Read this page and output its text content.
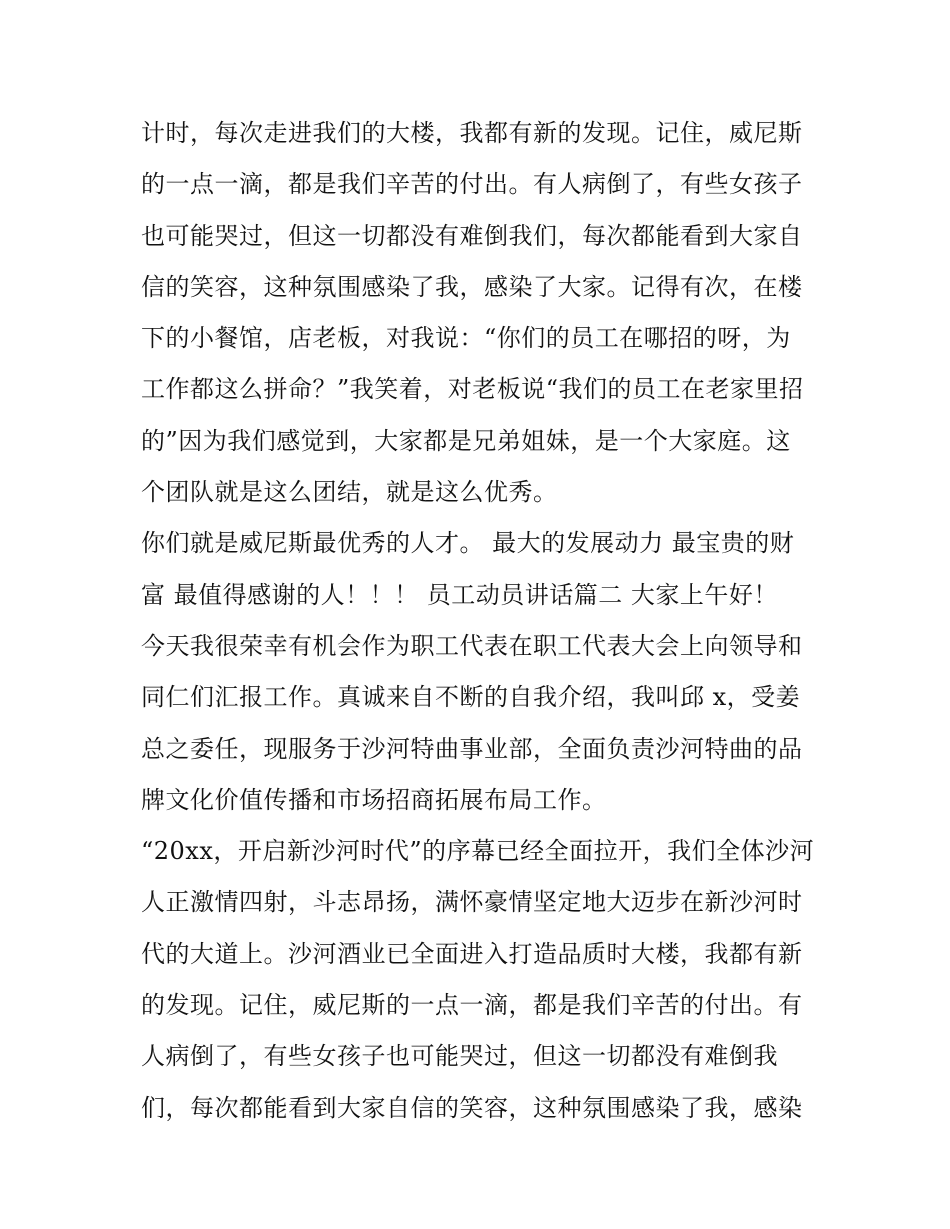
计时，每次走进我们的大楼，我都有新的发现。记住，威尼斯
的一点一滴，都是我们辛苦的付出。有人病倒了，有些女孩子
也可能哭过，但这一切都没有难倒我们，每次都能看到大家自
信的笑容，这种氛围感染了我，感染了大家。记得有次，在楼
下的小餐馆，店老板，对我说：“你们的员工在哪招的呀，为
工作都这么拼命？”我笑着，对老板说“我们的员工在老家里招
的”因为我们感觉到，大家都是兄弟姐妹，是一个大家庭。这
个团队就是这么团结，就是这么优秀。
你们就是威尼斯最优秀的人才。 最大的发展动力 最宝贵的财
富 最值得感谢的人！！！ 员工动员讲话篇二 大家上午好！
今天我很荣幸有机会作为职工代表在职工代表大会上向领导和
同仁们汇报工作。真诚来自不断的自我介绍，我叫邱 x，受姜
总之委任，现服务于沙河特曲事业部，全面负责沙河特曲的品
牌文化价值传播和市场招商拓展布局工作。
“20xx，开启新沙河时代”的序幕已经全面拉开，我们全体沙河
人正激情四射，斗志昂扬，满怀豪情坚定地大迈步在新沙河时
代的大道上。沙河酒业已全面进入打造品质时大楼，我都有新
的发现。记住，威尼斯的一点一滴，都是我们辛苦的付出。有
人病倒了，有些女孩子也可能哭过，但这一切都没有难倒我
们，每次都能看到大家自信的笑容，这种氛围感染了我，感染
